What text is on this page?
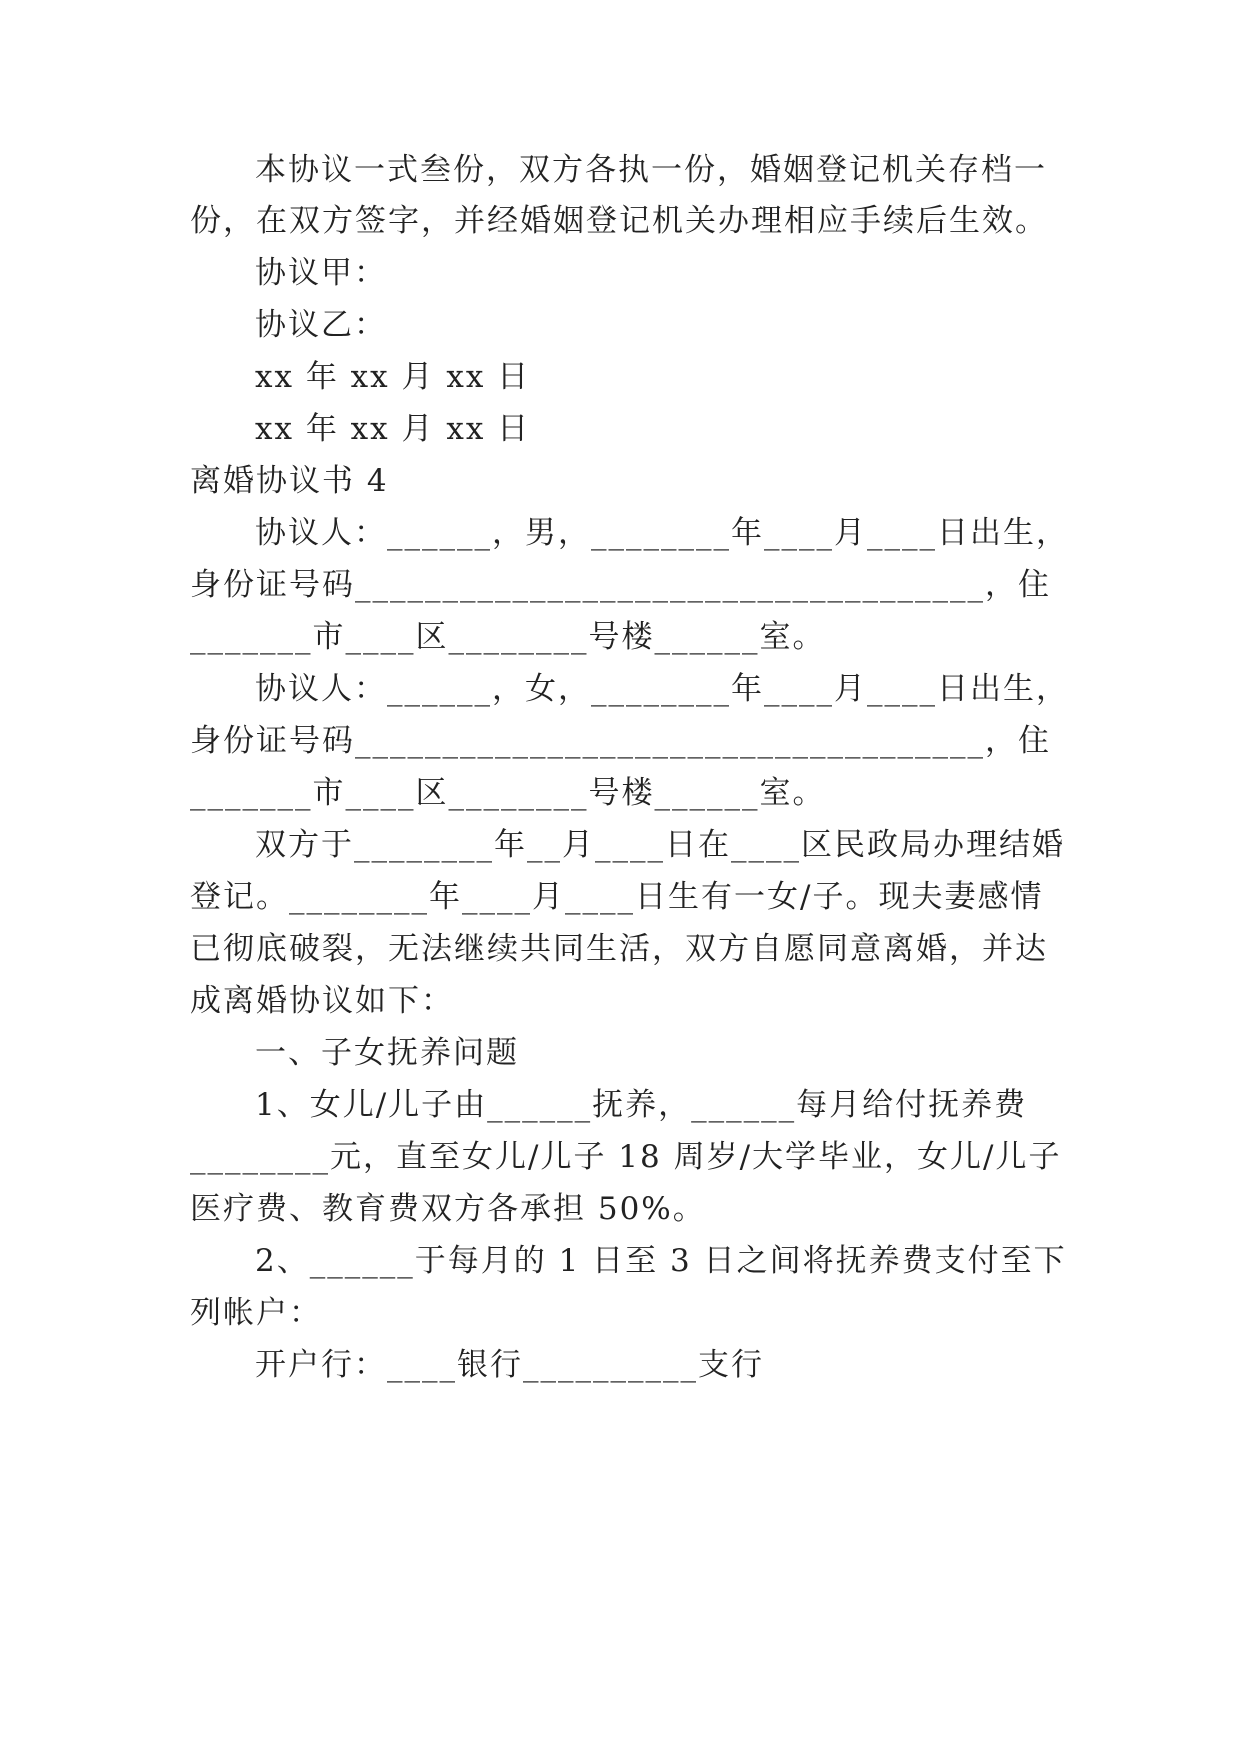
本协议一式叁份，双方各执一份，婚姻登记机关存档一
份，在双方签字，并经婚姻登记机关办理相应手续后生效。
协议甲：
协议乙：
xx 年 xx 月 xx 日
xx 年 xx 月 xx 日
离婚协议书 4
协议人：______，男，________年____月____日出生，
身份证号码____________________________________，住
_______市____区________号楼______室。
协议人：______，女，________年____月____日出生，
身份证号码____________________________________，住
_______市____区________号楼______室。
双方于________年__月____日在____区民政局办理结婚
登记。________年____月____日生有一女/子。现夫妻感情
已彻底破裂，无法继续共同生活，双方自愿同意离婚，并达
成离婚协议如下：
一、子女抚养问题
1、女儿/儿子由______抚养，______每月给付抚养费
________元，直至女儿/儿子 18 周岁/大学毕业，女儿/儿子
医疗费、教育费双方各承担 50%。
2、______于每月的 1 日至 3 日之间将抚养费支付至下
列帐户：
开户行：____银行__________支行
